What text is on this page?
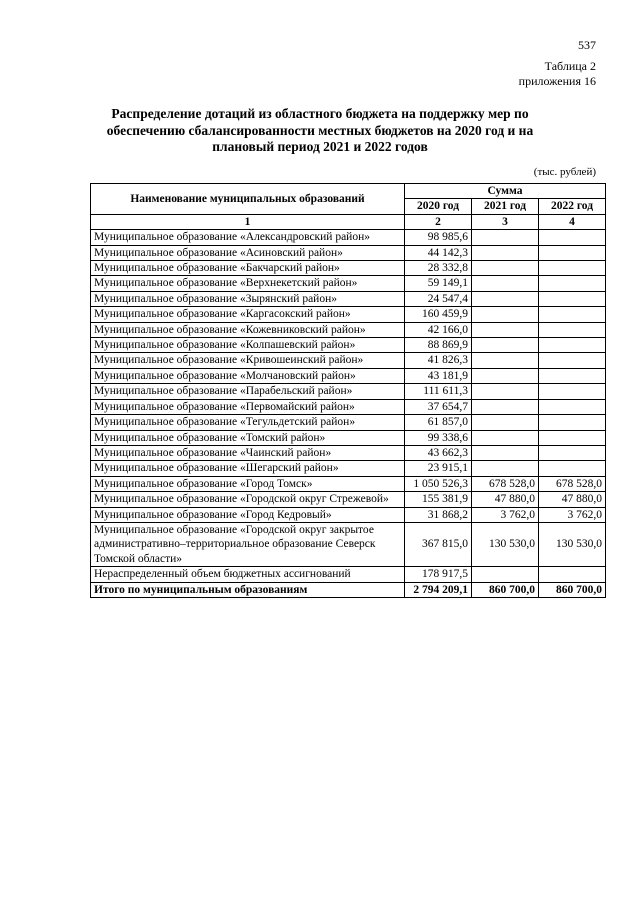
537
Таблица 2
приложения 16
Распределение дотаций из областного бюджета на поддержку мер по
обеспечению сбалансированности местных бюджетов на 2020 год и на
плановый период 2021 и 2022 годов
(тыс. рублей)
Наименование муниципальных образований	Сумма		
	2020 год	2021 год	2022 год
1	2	3	4
Муниципальное образование «Александровский район»	98 985,6		
Муниципальное образование «Асиновский район»	44 142,3		
Муниципальное образование «Бакчарский район»	28 332,8		
Муниципальное образование «Верхнекетский район»	59 149,1		
Муниципальное образование «Зырянский район»	24 547,4		
Муниципальное образование «Каргасокский район»	160 459,9		
Муниципальное образование «Кожевниковский район»	42 166,0		
Муниципальное образование «Колпашевский район»	88 869,9		
Муниципальное образование «Кривошеинский район»	41 826,3		
Муниципальное образование «Молчановский район»	43 181,9		
Муниципальное образование «Парабельский район»	111 611,3		
Муниципальное образование «Первомайский район»	37 654,7		
Муниципальное образование «Тегульдетский район»	61 857,0		
Муниципальное образование «Томский район»	99 338,6		
Муниципальное образование «Чаинский район»	43 662,3		
Муниципальное образование «Шегарский район»	23 915,1		
Муниципальное образование «Город Томск»	1 050 526,3	678 528,0	678 528,0
Муниципальное образование «Городской округ Стрежевой»	155 381,9	47 880,0	47 880,0
Муниципальное образование «Город Кедровый»	31 868,2	3 762,0	3 762,0
Муниципальное образование «Городской округ закрытое административно–территориальное образование Северск Томской области»	367 815,0	130 530,0	130 530,0
Нераспределенный объем бюджетных ассигнований	178 917,5		
Итого по муниципальным образованиям	2 794 209,1	860 700,0	860 700,0
